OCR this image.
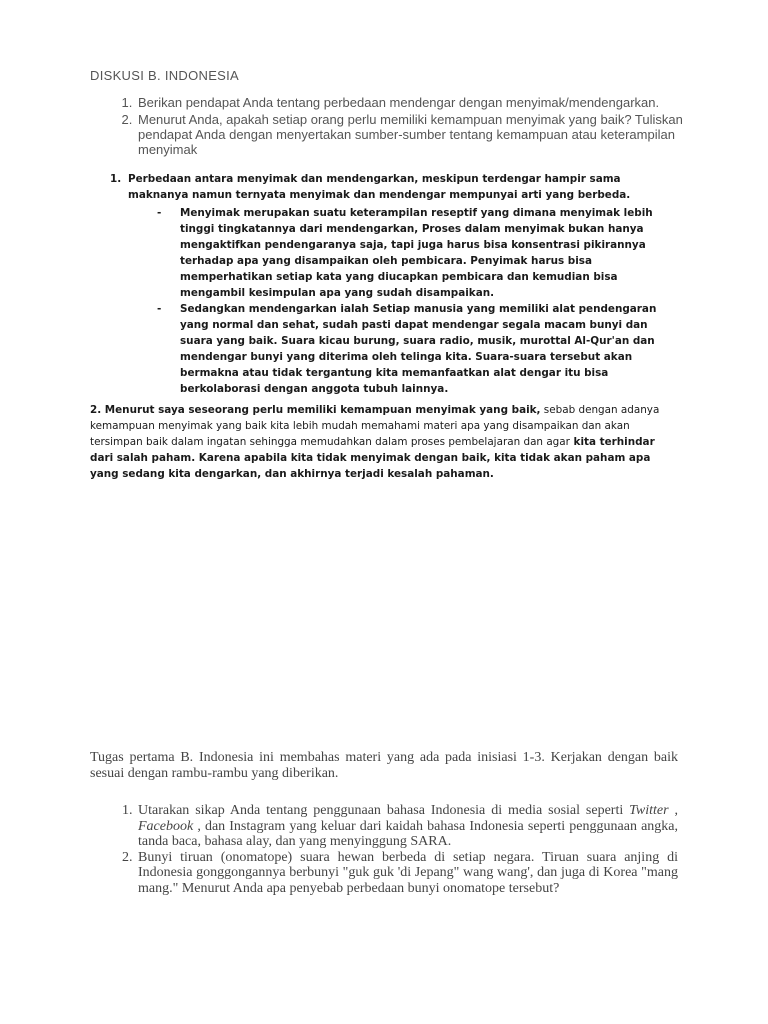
DISKUSI B. INDONESIA
1. Berikan pendapat Anda tentang perbedaan mendengar dengan menyimak/mendengarkan.
2. Menurut Anda, apakah setiap orang perlu memiliki kemampuan menyimak yang baik? Tuliskan pendapat Anda dengan menyertakan sumber-sumber tentang kemampuan atau keterampilan menyimak
1. Perbedaan antara menyimak dan mendengarkan, meskipun terdengar hampir sama maknanya namun ternyata menyimak dan mendengar mempunyai arti yang berbeda.
- Menyimak merupakan suatu keterampilan reseptif yang dimana menyimak lebih tinggi tingkatannya dari mendengarkan, Proses dalam menyimak bukan hanya mengaktifkan pendengaranya saja, tapi juga harus bisa konsentrasi pikirannya terhadap apa yang disampaikan oleh pembicara. Penyimak harus bisa memperhatikan setiap kata yang diucapkan pembicara dan kemudian bisa mengambil kesimpulan apa yang sudah disampaikan.
- Sedangkan mendengarkan ialah Setiap manusia yang memiliki alat pendengaran yang normal dan sehat, sudah pasti dapat mendengar segala macam bunyi dan suara yang baik. Suara kicau burung, suara radio, musik, murottal Al-Qur'an dan mendengar bunyi yang diterima oleh telinga kita. Suara-suara tersebut akan bermakna atau tidak tergantung kita memanfaatkan alat dengar itu bisa berkolaborasi dengan anggota tubuh lainnya.
2. Menurut saya seseorang perlu memiliki kemampuan menyimak yang baik, sebab dengan adanya kemampuan menyimak yang baik kita lebih mudah memahami materi apa yang disampaikan dan akan tersimpan baik dalam ingatan sehingga memudahkan dalam proses pembelajaran dan agar kita terhindar dari salah paham. Karena apabila kita tidak menyimak dengan baik, kita tidak akan paham apa yang sedang kita dengarkan, dan akhirnya terjadi kesalah pahaman.
Tugas pertama B. Indonesia ini membahas materi yang ada pada inisiasi 1-3. Kerjakan dengan baik sesuai dengan rambu-rambu yang diberikan.
1. Utarakan sikap Anda tentang penggunaan bahasa Indonesia di media sosial seperti Twitter , Facebook , dan Instagram yang keluar dari kaidah bahasa Indonesia seperti penggunaan angka, tanda baca, bahasa alay, dan yang menyinggung SARA.
2. Bunyi tiruan (onomatope) suara hewan berbeda di setiap negara. Tiruan suara anjing di Indonesia gonggongannya berbunyi "guk guk 'di Jepang" wang wang', dan juga di Korea "mang mang." Menurut Anda apa penyebab perbedaan bunyi onomatope tersebut?
